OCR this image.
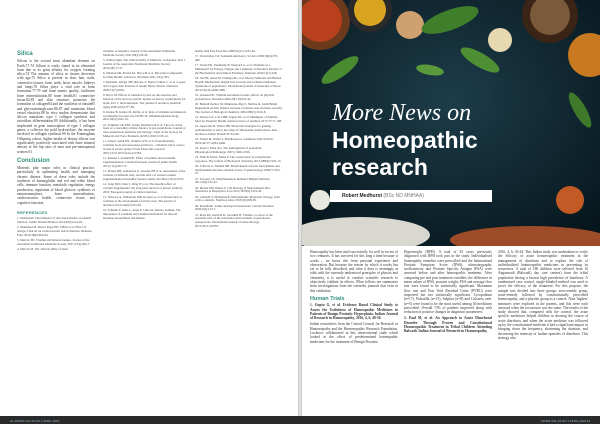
Silica

Silicon is the second most abundant element on Earth.71-74 Silicon is easily found in its elemental form due to its great affinity for oxygen, forming silica.74 The amount of silica in tissues decreases with age.75 Silica is present in skin, hair, nails, connective tissues, bone, teeth, heart, muscle, kidneys and lungs.76 Silica plays a vital role in bone formation.77-79 and bone matrix quality, facilitates bone mineralization,80 bone health,81 connective tissue.82,83 and skin structure, promotes the formation of collagen84 and the synthesis of elastin85 and glycosaminoglycans.86,87 and maintains blood vessel elasticity.88 In vitro studies demonstrate that silicon stimulates type 1 collagen synthesis and osteoblast differentiation.89 Additionally, it has been implicated in gene transcription of type 1 collagen genes, a collector the pold hydroxylase, the enzyme involved in collagen synthesis.90 In the Framingham Offspring cohort, higher intake of dietary silicon was significantly positively associated with bone mineral density at the hip sites of men and pre-menopausal women.91

Conclusion

Minerals play major roles in clinical practice, particularly in optimising health and managing chronic disease. Some of these roles include the synthesis of haemoglobin and red and white blood cells, immune function, metabolic regulation, energy production, regulation of blood glucose, synthesis of neurotransmitters, bone mineralisation, cardiovascular health, connective tissue, and cognitive function.

REFERENCES
1. McDonald. The influence of diet and nutrients on platelet function. Semin Thromb Hemost 2014;40(2):214-26.
2. Mohamed M, Maeve Rapp HE, Tiffini et al. Effect of omega-3 fish oil on cardiovascular risk in diabetes. Diabetes Educ 2019;38(6):960-84.
3. Malovic BJ. Vitamin and mineral intakes. Journal of the Australian Traditional Medicine Society 2021;27(4):206-7.
4. Malovic B. The clinical utility of dried
vitamins. A snapshot. Journal of the Australian Traditional Medicine Society 2021;28(1):28-30.
5. Whitewright. The clinical utility of Minerals: A snapshot. Part 1. Journal of the Australian Traditional Medicine Society 2022;28(1):7-8.
6. Medical-SR, Prasad AS. Bryce B et al. Bioactive Compounds for Skin Health: A Review. Nutrients 2021;13(1):203.
7. Kirkland, Werger MF, Barcelo E. Barna Cramer C, et al. Copper and Copper-Zinc Patterns of Serum Heavy Metals. Nutrients 2020;12(7):2046.
8. Bucci M. Effects of nutrients by diet on the structure and function of the nervous system: update on dietary requirements for brain. Part 1: micronutrients. The journal of nutrition, health & aging 2006;10(5):377-85.
9. Kumar B, Kumar M. Ratlik, et al. Role of vitamins and minerals as immunity boosters in COVID-19. Inflammopharmacology 2021;29(4):1001-16.
10. Zemilam van MW. Iodine: Heatherwell et al. The role as the basis of a cascading cellular defence in pre-populations. Journal of trace elements in medicine and biology: organ of the Society for Minerals and Trace Elements (GMS) 2020;2:108-14.
11. Aaberi, Sefak EN, Watkins WW, et al. Experimentally available body and associated predictors - validated and/or source in risk of severe stroke? Front Endocrine research 2001;16:10.2051/front.011584.
12. Kaneke J, Seemuth B. Effect of sodium and potassium supplementation. Current European journal of public health 2012;17(4):467-72.
13. Elstner RB, Gundersen G, Greener FB et al. Assessment of the varieties of different stats, and the effect of ionised sodium supplementation in healthy beeston adults. Eur Heart 2012;23:92.
14. Zang MD, Chen S, Ding W et al. The benefits effect of calcium Supplements: the long-term survival of ginsyn arbitrary 2016; European journal of clinical nutrition.
15. Nelson LA, Wilkenson MB, Krauser A, et al. Researchers at coalition of the development of urban areas. The journal of nutrition 2014;144(9):1222-29.
16. Schmidt F, Ashe A, Jones P, Lillie M. Dietary Sodium. The importance of selenium and vitamin metabolism for thyroid hormone biosynthesis and human
health. Mol Prot Food Res 2008;52(11):1235-46.
17. Wooldridge LW. Selenium deficiency. Sci Rev 2009;39(9):376-486.
17. Tarafy HL, Prudhome B, Weepard G, et al. Vitamins as a Mitomatrix for Energy, Fatigue and Cognition: A Narrative Review of the Biochemical and Clinical Evidence. Nutrients 2020;12(1):228.
18. Jen HT, Aston M, Siddiqui IK, et al. Dietary Minerals and Human Health: Mechanistic Insight Into Toxicity and Common Deficient Syndrome of populations. International journal of molecular sciences 2014;16(10):24962-988.
19. Lukaski HC. Vitamin and mineral status: effects on physical performance. Nutrition 2004;20(7-8):632-44.
20. Belandi IJerilev M. Mukherjee-Bag S, Mohwe K. Jurah Bmtm magnesium and the balance between ovulation ratio and mass security. The Journal of Biological chemistry 2004;280(3):1016-8.
21. Kerney GS, Carl I HB. Tagine RL, et al. Mnempers of Kinship Mod for Potential Health. Annual review of nutrition 2017;37:71-108.
22. Apara/tale B. Wisler HR. Molecular strategies for gaining pain/nutrients to select the value of Therapeutic implications. Ann-modern to Public Health 2015;6:46.
23. Nickel M, Welne S. Handbook for conditions. Pain Eclectic 2019;46:377-4063-4466.
24. Rossi J, Pinar AO. The pathogenesis of potassium. Physiological/Pathologie 1967;1:3062-4356.
25. Nille B, Hab-L Muna P. The conservative of polytpharina responses. The Journal of Biological chemistry 2013;288(9):5104-13.
26. Schwarz G, Mendel RR. Molybdenum cofactor biosynthesis and molybdenum enzymes. Annual review of plant biology 2006;57:623-47.
27. Novotny JA. Molybdenum in humans? Human Nutrition 2011;2(9):132-43.
28. Murila MX, Plinex F. Cell Biology of Molybdenum. Bio-chemistica et Biophysica Acta 2013;1833(9):1419-26.
29. Gohabbi S, Mohamed R. Molybdenum: Molecular biology, from cells to animals. Nutrition Abstr 2018;3(2):68-38.
30. Rosenfeldt. Iodine and thyroid hormones. Current Nutrition 2020;2(5):123-7.
31. Plass RF, Anzicoh D, Lucalkeli B. Vitamin: a review of the potential roles of the prevention and treatment of gestational osteoporosis. International journal of endocrinology 2013;2013:316783.
More News on
Homeopathic
research
Robert Medhurst (BSc ND MNHAA)

Homeopathy has been used successfully for well in excess of two centuries. It has survived for this long a time because it works – we know this from personal experience and observation. But because the reason by which it works has yet to be fully described, and what it does is seemingly at odds with the currently understood principles of physics and chemistry, it is useful to conduct scientific research to objectively validate its effects. What follows are summaries from investigations from the scientific journals that exist in this validation.

Human Trials

1. Gupta G, et al. Evidence Based Clinical Study to Assess the Usefulness of Homeopathic Medicines in Patients of Benign Prostatic Hyperplasia. Indian Journal of Research in Homoeopathy, 2016, 4, 6, 40-50.

Indian researchers from the Central Council for Research in Homoeopathy and the Homoeopathic Research Foundation, Lucknow collaborated in this observational study which looked at the effect of predetermined homeopathic medicines for the treatment of Benign Prostatic

Hypertrophy (BPH). A total of 45 cases previously diagnosed with BPH took part in the study. Individualised homeopathy remedies were prescribed and the International Prostate Symptom Score (IPSS), ultrasonography, uroflowmetry and Prostate Specific Antigen (PSA) were assessed before and after homeopathic treatment. After comparing pre and post treatment variables, the difference in mean values of IPSS, prostate weight, PSA and average flow rate were found to be statistically significant. Maximum flow rate and Post Void Residual Urine (PVRU) were improved but not statistically significant. Lycopodium (n=17), Pulsatilla (n=15), Sulphur (n=8) and Calcarea carb. (n=5) were found to be the most useful among 30 medicines prescribed. Overall 73% of patients improved along with reduction of positive changes in diagnostic parameters.

2. Paul M, et al. An Approach to Acute Diarrhoeal Disorder Through Proven and Constitutional Homoeopathic Treatment in Tribal Children Attending Balwadi. Indian Journal of Research in Homoeopathy,

2016, 4, 6, 36-44. This Indian study was undertaken to verify the efficacy of acute homoeopathic treatment in the management of diarrhoea and to explore the role of individualised homoeopathic medicines in preventing its recurrence. A total of 180 children were selected from 10 Anganwadi (Balwadi) day care centres) from the tribal population having a known high prevalence of diarrhoea. A randomised case control, single-blinded method was used to prove the efficacy of the treatment. For this purpose, the sample was divided into three groups: zero-remedy group, acute-remedy followed by constitutionally prescribed homoeopathy, and a placebo group as a control. Nine 'highest' measures were explored in the parents, and this were each assessed when the occurrence was the same. The results of the study showed that, compared with the control, the acute specific medicines helped children in shorting the course of acute diarrhoea, and when the acute medicine was followed up by the constitutional medicine it had a significant impact in bringing down the frequency, shortening the duration, and decreasing the intensity of further episodes of diarrhoea. This strategy also

22 JATMS VOL 25 NO 1 APRIL 2019	JATMS VOL 25 NO 1 APRIL 2019 23
